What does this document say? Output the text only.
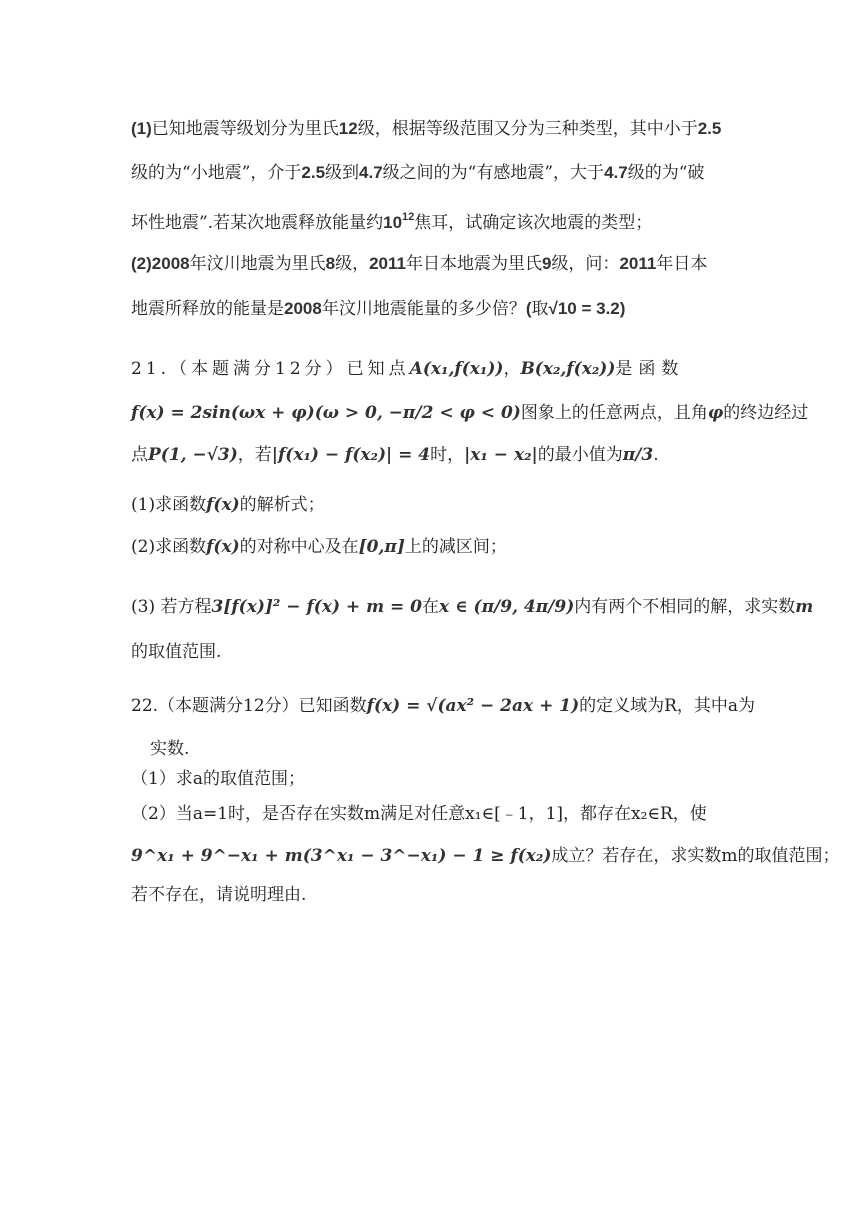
(1)已知地震等级划分为里氏12级，根据等级范围又分为三种类型，其中小于2.5
级的为“小地震”，介于2.5级到4.7级之间的为“有感地震”，大于4.7级的为“破
坏性地震”.若某次地震释放能量约$10^{12}$焦耳，试确定该次地震的类型；
(2)2008年汶川地震为里氏8级，2011年日本地震为里氏9级，问：2011年日本
地震所释放的能量是2008年汶川地震能量的多少倍？(取√10 = 3.2)
21.（本题满分12分）已知点A(x₁,f(x₁))，B(x₂,f(x₂))是函数
f(x) = 2sin(ωx + φ)(ω > 0, −π/2 < φ < 0)图象上的任意两点，且角φ的终边经过
点P(1, −√3)，若|f(x₁) − f(x₂)| = 4时，|x₁ − x₂|的最小值为π/3.
(1)求函数f(x)的解析式；
(2)求函数f(x)的对称中心及在[0,π]上的减区间；
(3) 若方程3[f(x)]² − f(x) + m = 0在x ∈ (π/9, 4π/9)内有两个不相同的解，求实数m
的取值范围.
22.（本题满分12分）已知函数f(x) = √(ax² − 2ax + 1)的定义域为R，其中a为
实数.
（1）求a的取值范围；
（2）当a=1时，是否存在实数m满足对任意x₁∈[﹣1，1]，都存在x₂∈R，使
9^x₁ + 9^−x₁ + m(3^x₁ − 3^−x₁) − 1 ≥ f(x₂)成立？若存在，求实数m的取值范围；
若不存在，请说明理由.
